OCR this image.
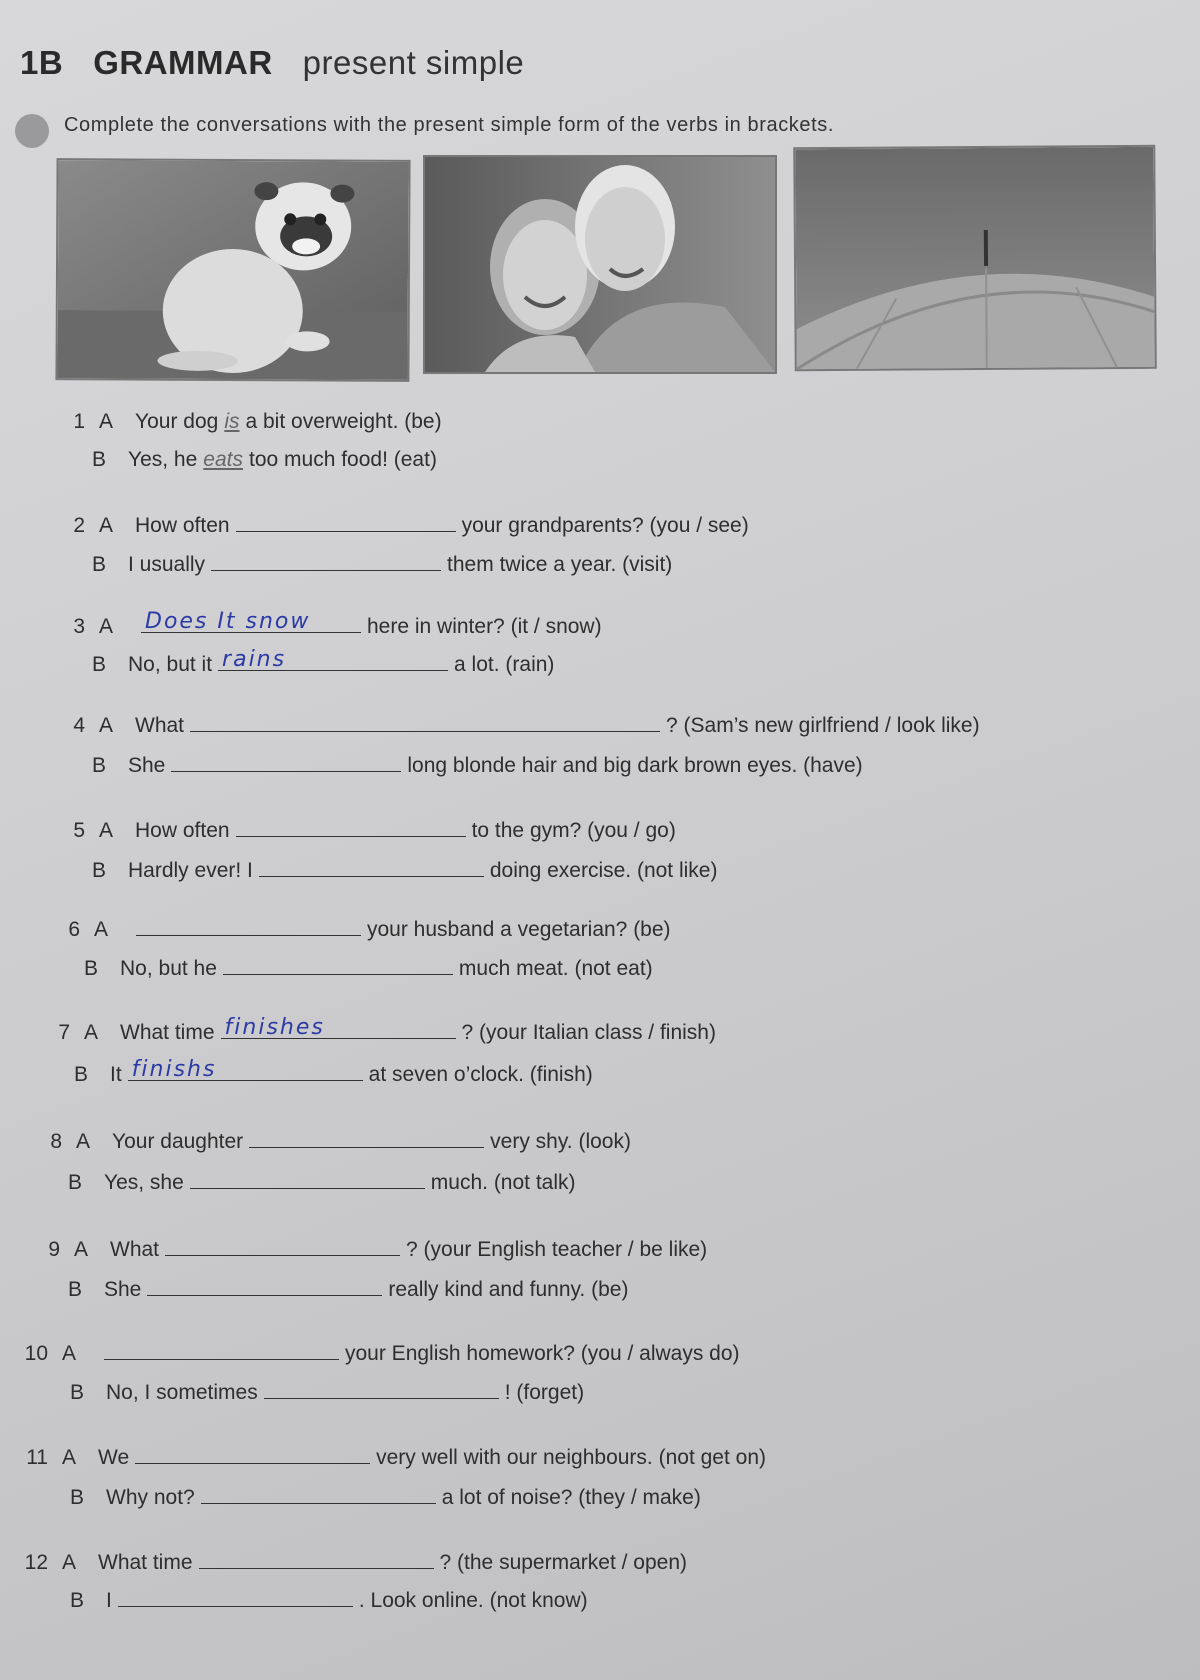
1B GRAMMAR present simple
Complete the conversations with the present simple form of the verbs in brackets.
1 A Your dog is a bit overweight. (be)
B Yes, he eats too much food! (eat)
2 A How often	your grandparents? (you / see)
B I usually	them twice a year. (visit)
3 A Does It snow	here in winter? (it / snow)
B No, but it rains	a lot. (rain)
4 A What	? (Sam’s new girlfriend / look like)
B She	long blonde hair and big dark brown eyes. (have)
5 A How often	to the gym? (you / go)
B Hardly ever! I	doing exercise. (not like)
6 A	your husband a vegetarian? (be)
B No, but he	much meat. (not eat)
7 A What time finishes	? (your Italian class / finish)
B It finishs	at seven o’clock. (finish)
8 A Your daughter	very shy. (look)
B Yes, she	much. (not talk)
9 A What	? (your English teacher / be like)
B She	really kind and funny. (be)
10 A	your English homework? (you / always do)
B No, I sometimes	! (forget)
11 A We	very well with our neighbours. (not get on)
B Why not?	a lot of noise? (they / make)
12 A What time	? (the supermarket / open)
B I	. Look online. (not know)
